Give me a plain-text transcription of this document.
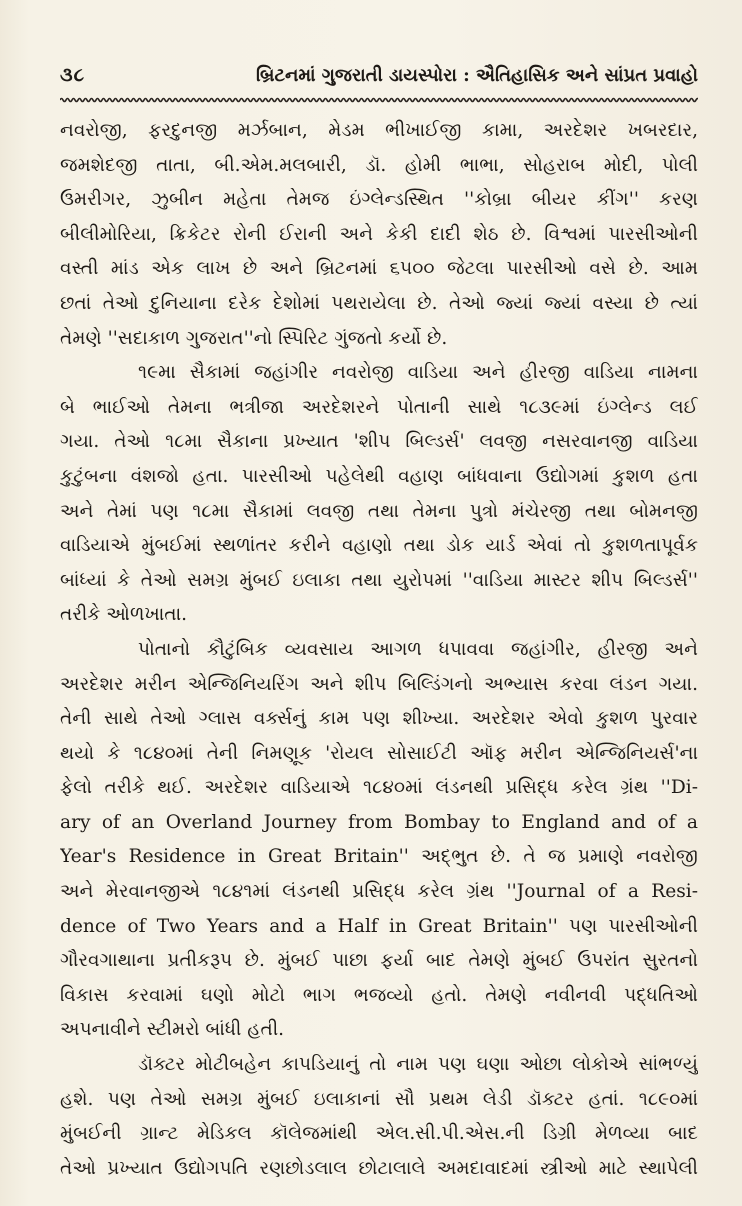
૩૮	બ્રિટનમાં ગુજરાતી ડાયસ્પોરા : ઐતિહાસિક અને સાંપ્રત પ્રવાહો
નવરોજી, ફરદુનજી મર્ઝબાન, મેડમ ભીખાઈજી કામા, અરદેશર ખબરદાર,
જમશેદજી તાતા, બી.એમ.મલબારી, ડૉ. હોમી ભાભા, સોહરાબ મોદી, પોલી
ઉમરીગર, ઝુબીન મહેતા તેમજ ઇંગ્લેન્ડસ્થિત ''કોબ્રા બીયર કીંગ'' કરણ
બીલીમોરિયા, ક્રિકેટર રોની ઈરાની અને કેકી દાદી શેઠ છે. વિશ્વમાં પારસીઓની
વસ્તી માંડ એક લાખ છે અને બ્રિટનમાં ૬૫૦૦ જેટલા પારસીઓ વસે છે. આમ
છતાં તેઓ દુનિયાના દરેક દેશોમાં પથરાયેલા છે. તેઓ જ્યાં જ્યાં વસ્યા છે ત્યાં
તેમણે ''સદાકાળ ગુજરાત''નો સ્પિરિટ ગુંજતો કર્યો છે.
૧૯મા સૈકામાં જહાંગીર નવરોજી વાડિયા અને હીરજી વાડિયા નામના
બે ભાઈઓ તેમના ભત્રીજા અરદેશરને પોતાની સાથે ૧૮૩૯માં ઇંગ્લેન્ડ લઈ
ગયા. તેઓ ૧૮મા સૈકાના પ્રખ્યાત 'શીપ બિલ્ડર્સ' લવજી નસરવાનજી વાડિયા
કુટુંબના વંશજો હતા. પારસીઓ પહેલેથી વહાણ બાંધવાના ઉદ્યોગમાં કુશળ હતા
અને તેમાં પણ ૧૮મા સૈકામાં લવજી તથા તેમના પુત્રો મંચેરજી તથા બોમનજી
વાડિયાએ મુંબઈમાં સ્થળાંતર કરીને વહાણો તથા ડોક યાર્ડ એવાં તો કુશળતાપૂર્વક
બાંધ્યાં કે તેઓ સમગ્ર મુંબઈ ઇલાકા તથા યુરોપમાં ''વાડિયા માસ્ટર શીપ બિલ્ડર્સ''
તરીકે ઓળખાતા.
પોતાનો કૌટુંબિક વ્યવસાય આગળ ધપાવવા જહાંગીર, હીરજી અને
અરદેશર મરીન એન્જિનિયરિંગ અને શીપ બિલ્ડિંગનો અભ્યાસ કરવા લંડન ગયા.
તેની સાથે તેઓ ગ્લાસ વર્ક્સનું કામ પણ શીખ્યા. અરદેશર એવો કુશળ પુરવાર
થયો કે ૧૮૪૦માં તેની નિમણૂક 'રોયલ સોસાઈટી ઑફ મરીન એન્જિનિયર્સ'ના
ફેલો તરીકે થઈ. અરદેશર વાડિયાએ ૧૮૪૦માં લંડનથી પ્રસિદ્ધ કરેલ ગ્રંથ ''Di-
ary of an Overland Journey from Bombay to England and of a
Year's Residence in Great Britain'' અદ્ભુત છે. તે જ પ્રમાણે નવરોજી
અને મેરવાનજીએ ૧૮૪૧માં લંડનથી પ્રસિદ્ધ કરેલ ગ્રંથ ''Journal of a Resi-
dence of Two Years and a Half in Great Britain'' પણ પારસીઓની
ગૌરવગાથાના પ્રતીકરૂપ છે. મુંબઈ પાછા ફર્યા બાદ તેમણે મુંબઈ ઉપરાંત સુરતનો
વિકાસ કરવામાં ઘણો મોટો ભાગ ભજવ્યો હતો. તેમણે નવીનવી પદ્ધતિઓ
અપનાવીને સ્ટીમરો બાંધી હતી.
ડૉક્ટર મોટીબહેન કાપડિયાનું તો નામ પણ ઘણા ઓછા લોકોએ સાંભળ્યું
હશે. પણ તેઓ સમગ્ર મુંબઈ ઇલાકાનાં સૌ પ્રથમ લેડી ડૉક્ટર હતાં. ૧૮૯૦માં
મુંબઈની ગ્રાન્ટ મેડિકલ કૉલેજમાંથી એલ.સી.પી.એસ.ની ડિગ્રી મેળવ્યા બાદ
તેઓ પ્રખ્યાત ઉદ્યોગપતિ રણછોડલાલ છોટાલાલે અમદાવાદમાં સ્ત્રીઓ માટે સ્થાપેલી
